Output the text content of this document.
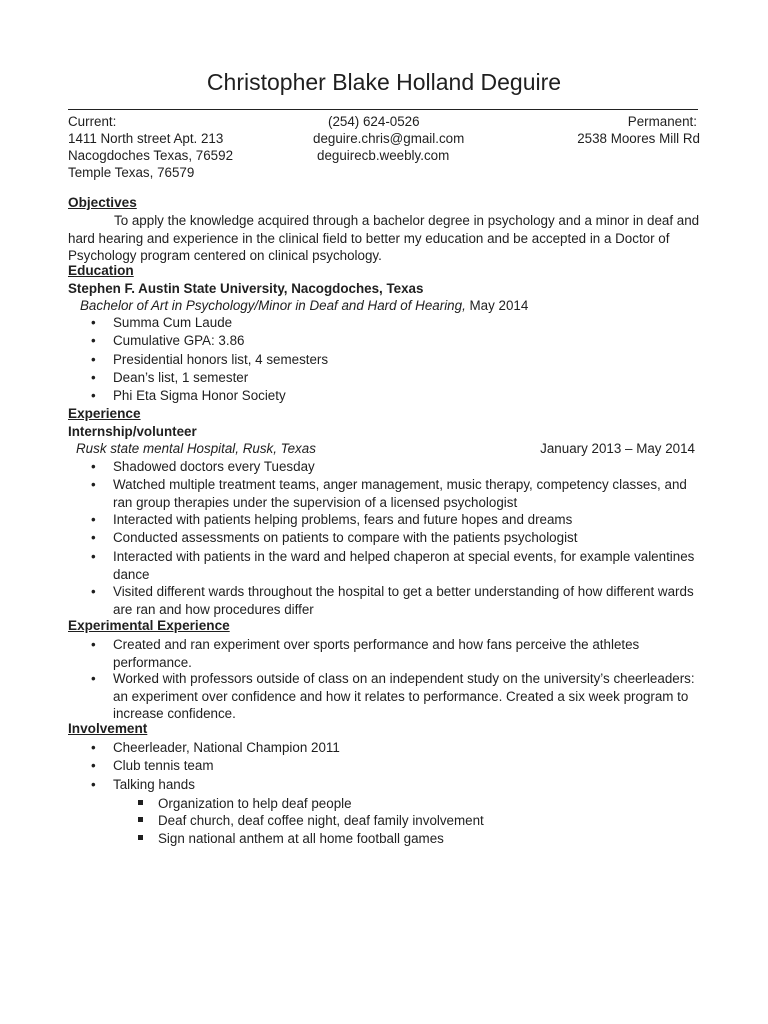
Christopher Blake Holland Deguire
Current:	(254) 624-0526	Permanent:
1411 North street Apt. 213	deguire.chris@gmail.com	2538 Moores Mill Rd
Nacogdoches Texas, 76592	deguirecb.weebly.com
Temple Texas, 76579
Objectives
To apply the knowledge acquired through a bachelor degree in psychology and a minor in deaf and hard hearing and experience in the clinical field to better my education and be accepted in a Doctor of Psychology program centered on clinical psychology.
Education
Stephen F. Austin State University, Nacogdoches, Texas
Bachelor of Art in Psychology/Minor in Deaf and Hard of Hearing, May 2014
• Summa Cum Laude
• Cumulative GPA: 3.86
• Presidential honors list, 4 semesters
• Dean’s list, 1 semester
• Phi Eta Sigma Honor Society
Experience
Internship/volunteer
Rusk state mental Hospital, Rusk, Texas	January 2013 – May 2014
• Shadowed doctors every Tuesday
• Watched multiple treatment teams, anger management, music therapy, competency classes, and ran group therapies under the supervision of a licensed psychologist
• Interacted with patients helping problems, fears and future hopes and dreams
• Conducted assessments on patients to compare with the patients psychologist
• Interacted with patients in the ward and helped chaperon at special events, for example valentines dance
• Visited different wards throughout the hospital to get a better understanding of how different wards are ran and how procedures differ
Experimental Experience
• Created and ran experiment over sports performance and how fans perceive the athletes performance.
• Worked with professors outside of class on an independent study on the university’s cheerleaders: an experiment over confidence and how it relates to performance. Created a six week program to increase confidence.
Involvement
• Cheerleader, National Champion 2011
• Club tennis team
• Talking hands
Organization to help deaf people
Deaf church, deaf coffee night, deaf family involvement
Sign national anthem at all home football games
